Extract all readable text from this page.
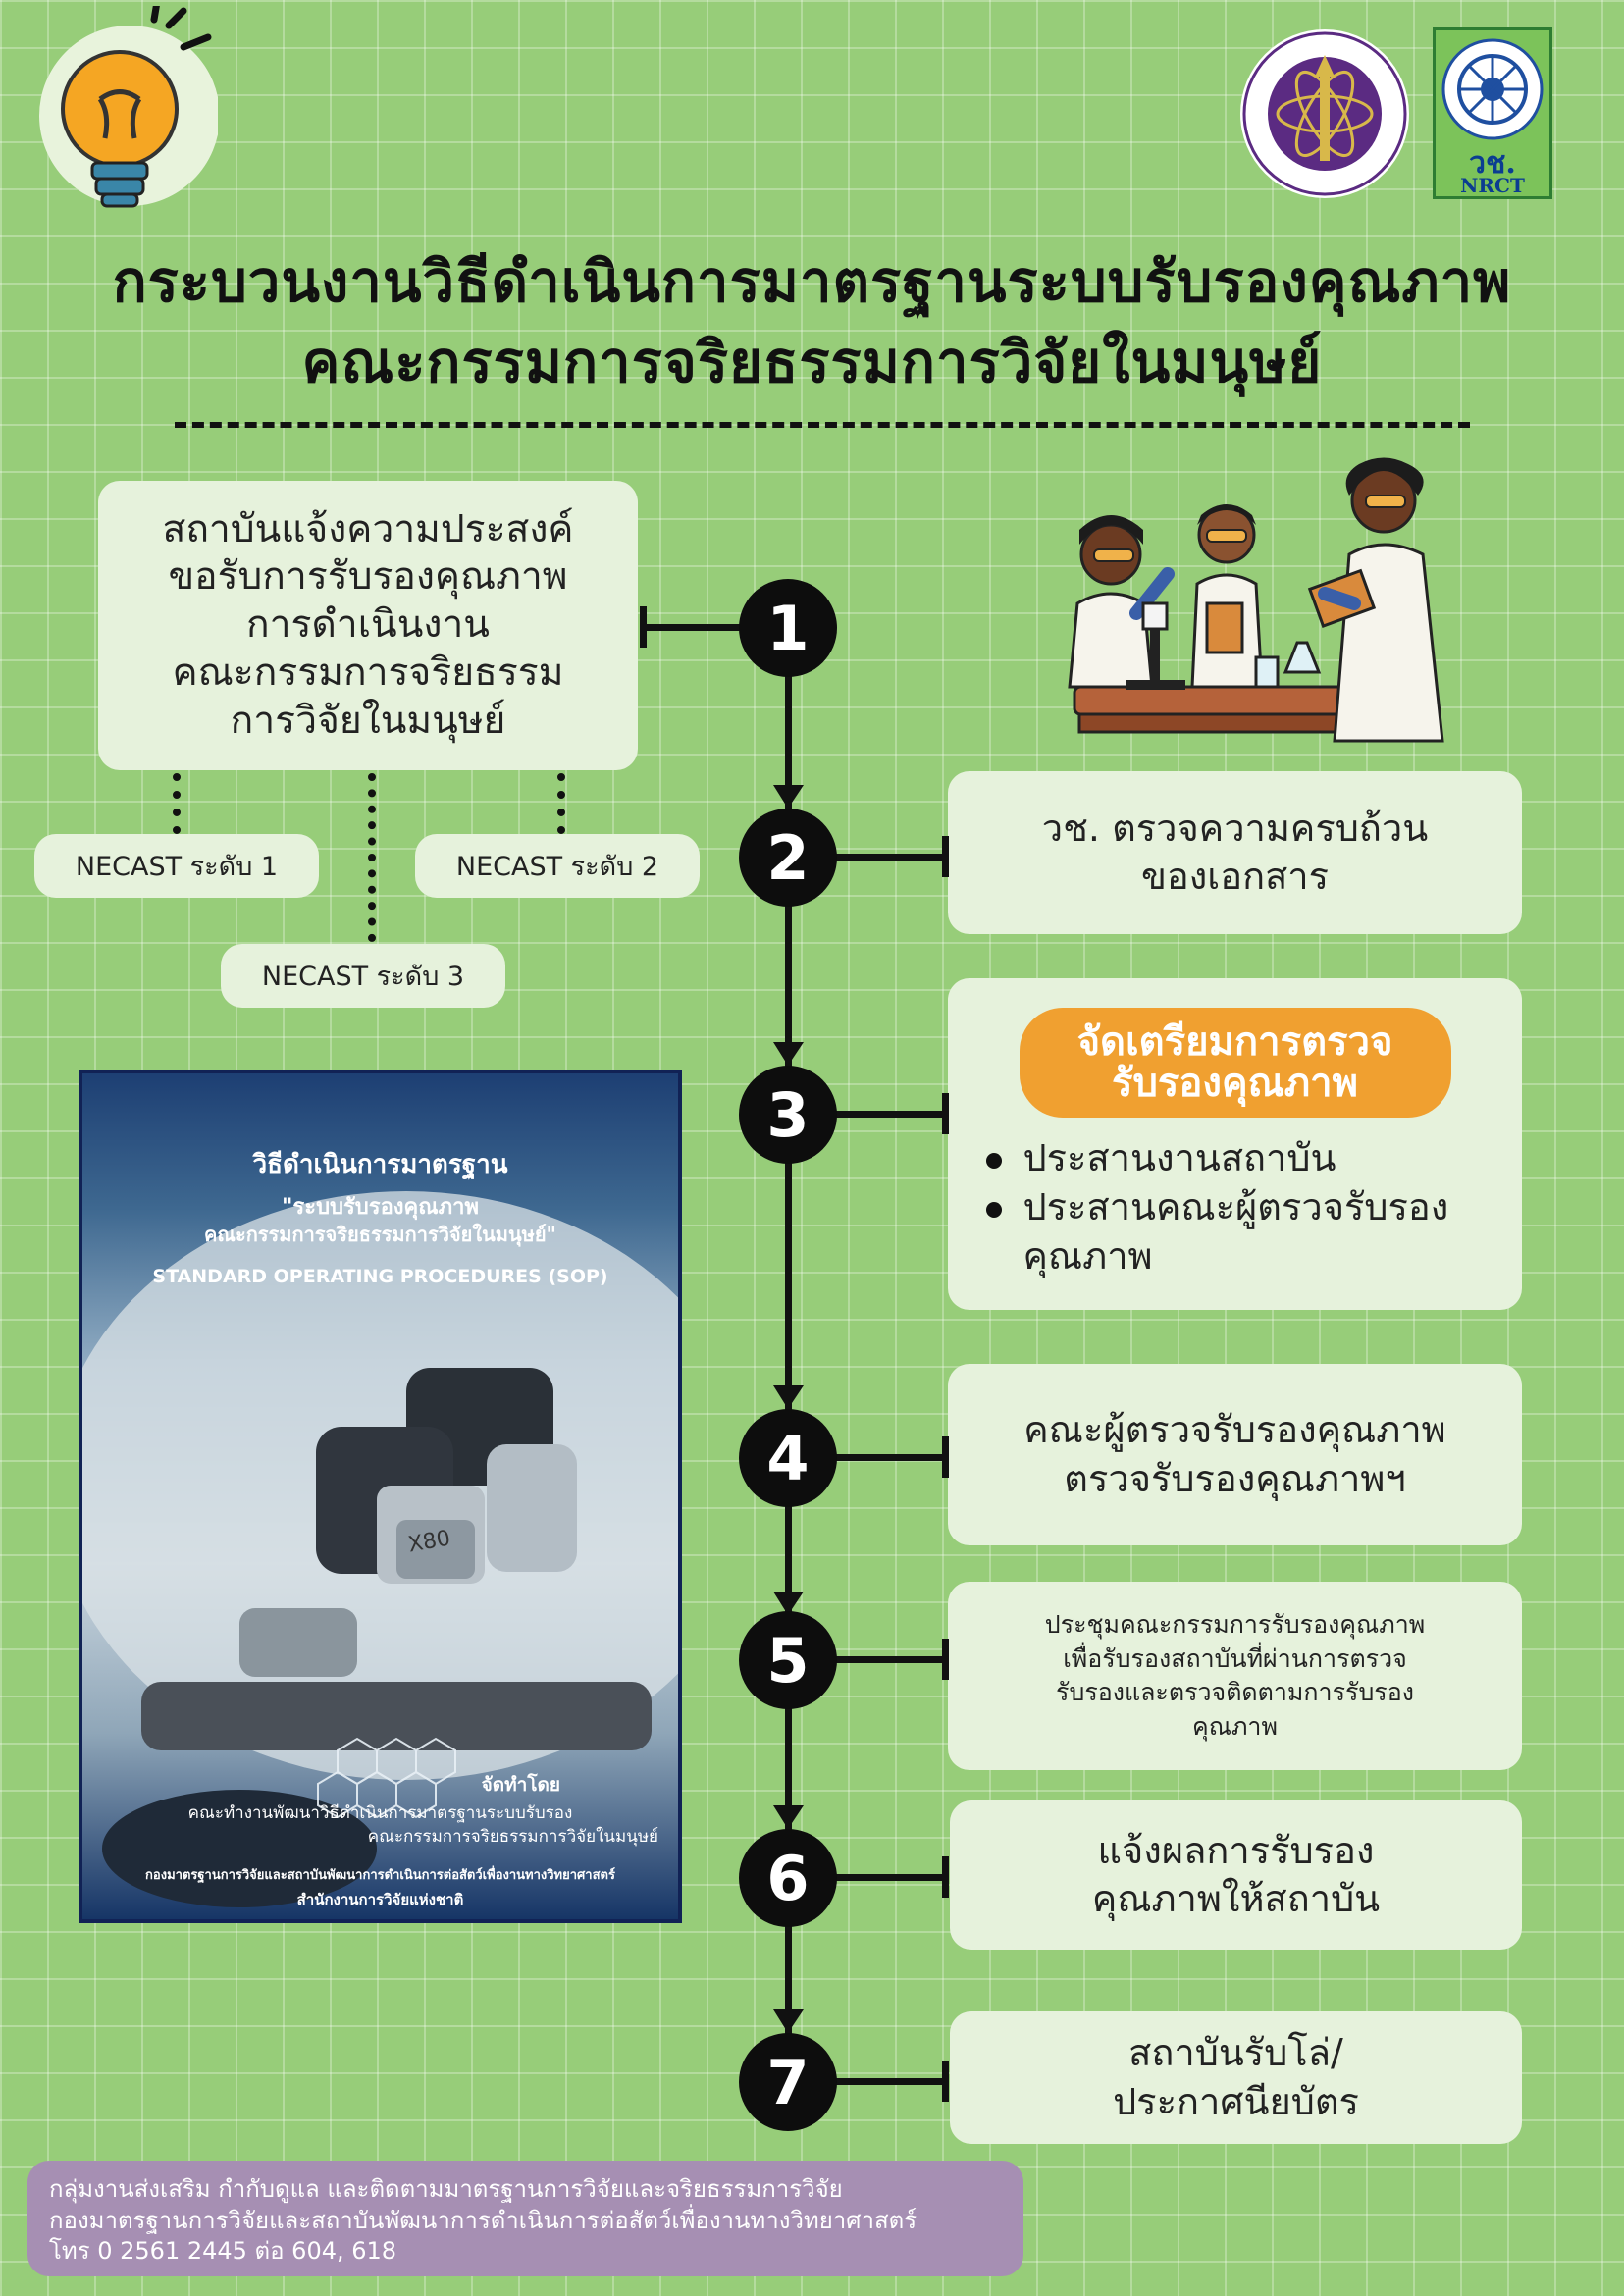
วช.
NRCT
กระบวนงานวิธีดำเนินการมาตรฐานระบบรับรองคุณภาพ
คณะกรรมการจริยธรรมการวิจัยในมนุษย์
สถาบันแจ้งความประสงค์
ขอรับการรับรองคุณภาพ
การดำเนินงาน
คณะกรรมการจริยธรรม
การวิจัยในมนุษย์
1
NECAST ระดับ 1	NECAST ระดับ 2
NECAST ระดับ 3
2	วช. ตรวจความครบถ้วน
ของเอกสาร
3
จัดเตรียมการตรวจ
รับรองคุณภาพ
ประสานงานสถาบัน
ประสานคณะผู้ตรวจรับรอง คุณภาพ
วิธีดำเนินการมาตรฐาน
"ระบบรับรองคุณภาพ
คณะกรรมการจริยธรรมการวิจัยในมนุษย์"
STANDARD OPERATING PROCEDURES (SOP)
X80
จัดทำโดย
คณะทำงานพัฒนาวิธีดำเนินการมาตรฐานระบบรับรอง
คณะกรรมการจริยธรรมการวิจัยในมนุษย์
กองมาตรฐานการวิจัยและสถาบันพัฒนาการดำเนินการต่อสัตว์เพื่องานทางวิทยาศาสตร์
สำนักงานการวิจัยแห่งชาติ
4	คณะผู้ตรวจรับรองคุณภาพ
ตรวจรับรองคุณภาพฯ
5	ประชุมคณะกรรมการรับรองคุณภาพ
เพื่อรับรองสถาบันที่ผ่านการตรวจ
รับรองและตรวจติดตามการรับรอง
คุณภาพ
6	แจ้งผลการรับรอง
คุณภาพให้สถาบัน
7	สถาบันรับโล่/
ประกาศนียบัตร
กลุ่มงานส่งเสริม กำกับดูแล และติดตามมาตรฐานการวิจัยและจริยธรรมการวิจัย
กองมาตรฐานการวิจัยและสถาบันพัฒนาการดำเนินการต่อสัตว์เพื่องานทางวิทยาศาสตร์
โทร 0 2561 2445 ต่อ 604, 618
